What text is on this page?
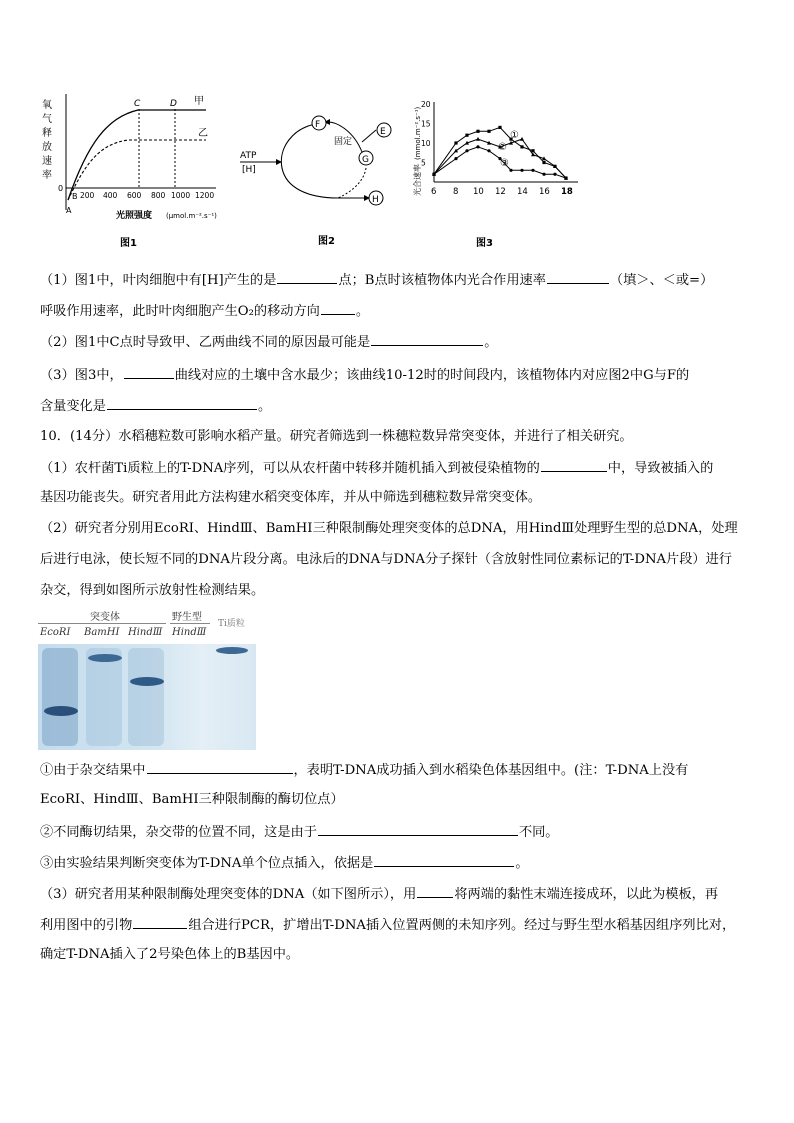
氧
气
释
放
速
率
C	D 甲
乙
0
B
A
200 400 600 800 1000 1200
光照强度 (μmol.m⁻².s⁻¹)
图1
ATP
[H]
F
E
G
H
固定
图2
光合速率
(mmol.m⁻².s⁻¹)
20
15
10
5
6 8 10 12 14 16 18
①
②
③
图3
（1）图1中，叶肉细胞中有[H]产生的是	点；B点时该植物体内光合作用速率	（填＞、＜或=）
呼吸作用速率，此时叶肉细胞产生O₂的移动方向	。
（2）图1中C点时导致甲、乙两曲线不同的原因最可能是	。
（3）图3中，	曲线对应的土壤中含水最少；该曲线10-12时的时间段内，该植物体内对应图2中G与F的
含量变化是	。
10．(14分）水稻穗粒数可影响水稻产量。研究者筛选到一株穗粒数异常突变体，并进行了相关研究。
（1）农杆菌Ti质粒上的T-DNA序列，可以从农杆菌中转移并随机插入到被侵染植物的	中，导致被插入的
基因功能丧失。研究者用此方法构建水稻突变体库，并从中筛选到穗粒数异常突变体。
（2）研究者分别用EcoRⅠ、HindⅢ、BamHⅠ三种限制酶处理突变体的总DNA，用HindⅢ处理野生型的总DNA，处理
后进行电泳，使长短不同的DNA片段分离。电泳后的DNA与DNA分子探针（含放射性同位素标记的T-DNA片段）进行
杂交，得到如图所示放射性检测结果。
突变体	野生型
Ti质粒
EcoRⅠ BamHⅠ HindⅢ HindⅢ
①由于杂交结果中	，表明T-DNA成功插入到水稻染色体基因组中。(注：T-DNA上没有
EcoRⅠ、HindⅢ、BamHⅠ三种限制酶的酶切位点）
②不同酶切结果，杂交带的位置不同，这是由于	不同。
③由实验结果判断突变体为T-DNA单个位点插入，依据是	。
（3）研究者用某种限制酶处理突变体的DNA（如下图所示），用	将两端的黏性末端连接成环，以此为模板，再
利用图中的引物	组合进行PCR，扩增出T-DNA插入位置两侧的未知序列。经过与野生型水稻基因组序列比对，
确定T-DNA插入了2号染色体上的B基因中。
